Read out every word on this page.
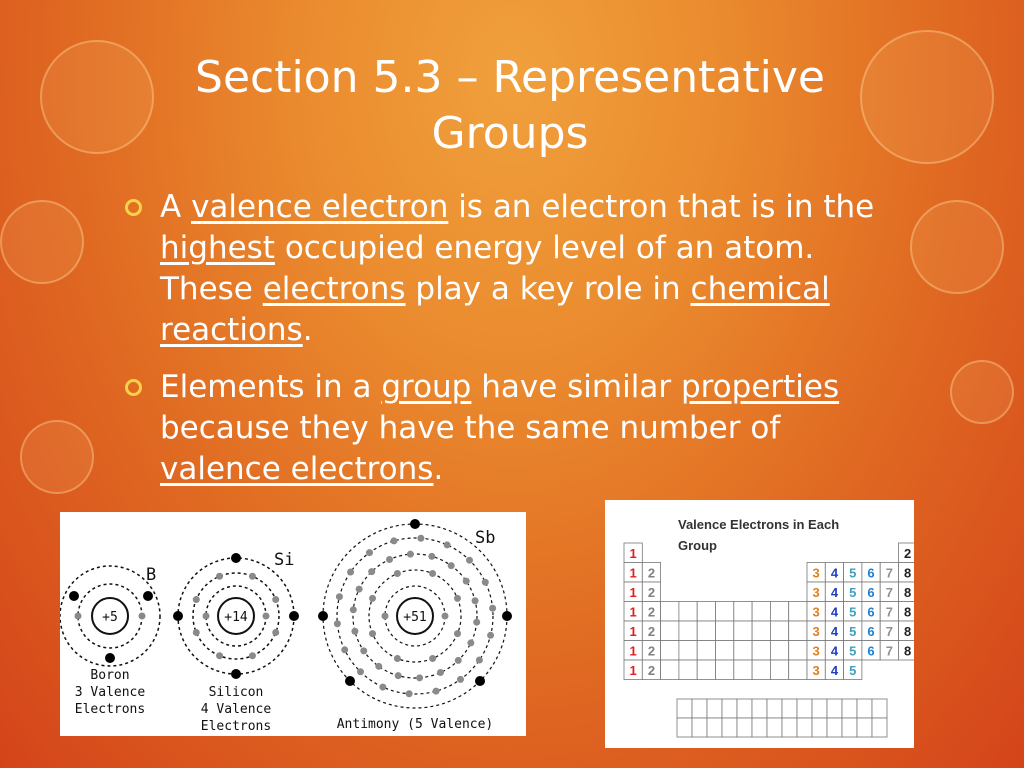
Section 5.3 – Representative
Groups
A valence electron is an electron that is in the highest occupied energy level of an atom. These electrons play a key role in chemical reactions.
Elements in a group have similar properties because they have the same number of valence electrons.
+5
B
Boron
3 Valence
Electrons
+14
Si
Silicon
4 Valence
Electrons
+51
Sb
Antimony (5 Valence)
Valence Electrons in Each
Group
1	2
1 2	3 4 5 6 7 8
1 2	3 4 5 6 7 8
1 2	3 4 5 6 7 8
1 2	3 4 5 6 7 8
1 2	3 4 5 6 7 8
1 2	3 4 5
